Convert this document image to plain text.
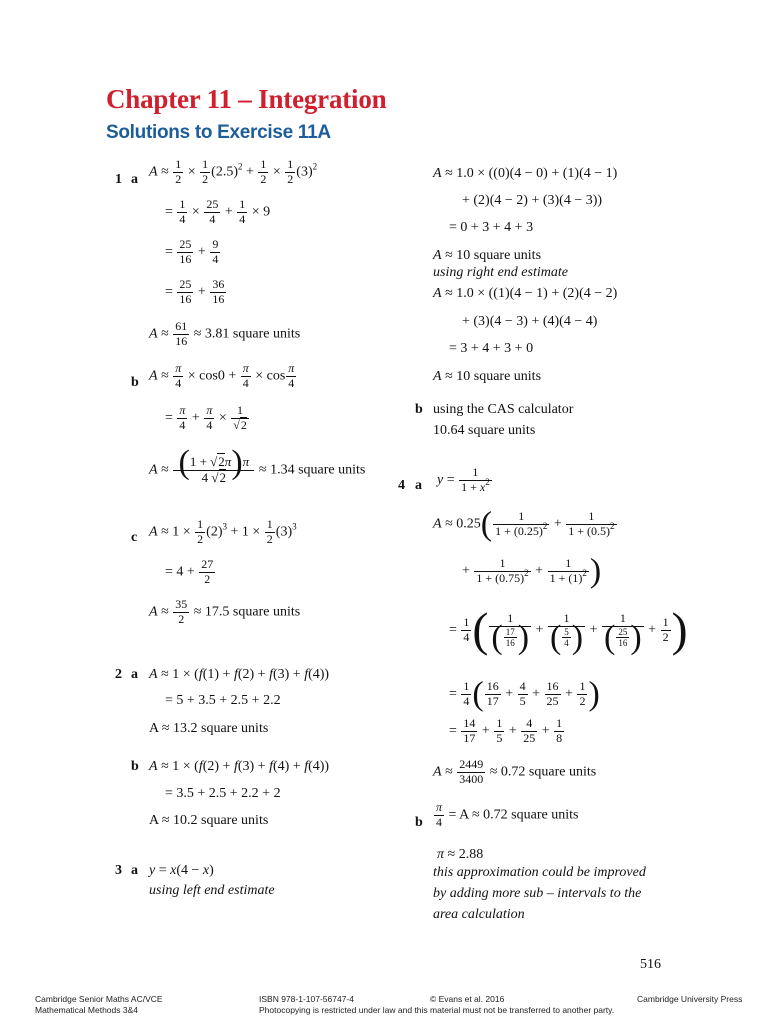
Chapter 11 – Integration
Solutions to Exercise 11A
1 a $A \approx \frac{1}{2} \times \frac{1}{2} (2.5)^2 + \frac{1}{2} \times \frac{1}{2} (3)^2$
= $\frac{1}{4} \times \frac{25}{4} + \frac{1}{4} \times 9$
= $\frac{25}{16} + \frac{9}{4}$
= $\frac{25}{16} + \frac{36}{16}$
$A \approx \frac{61}{16} \approx 3.81$ square units
b $A \approx \frac{\pi}{4} \times \cos 0 + \frac{\pi}{4} \times \cos \frac{\pi}{4}$
= $\frac{\pi}{4} + \frac{\pi}{4} \times \frac{1}{√2}$
$A \approx \frac{(1 + √2\pi)\pi}{4 √2} \approx 1.34$ square units
c $A \approx 1 \times \frac{1}{2} (2)^3 + 1 \times \frac{1}{2} (3)^3$
= $4 + \frac{27}{2}$
$A \approx \frac{35}{2} \approx 17.5$ square units
2 a A ≈ 1 × (f(1) + f(2) + f(3) + f(4))
= 5 + 3.5 + 2.5 + 2.2
A ≈ 13.2 square units
b A ≈ 1 × (f(2) + f(3) + f(4) + f(4))
= 3.5 + 2.5 + 2.2 + 2
A ≈ 10.2 square units
3 a y = x(4 − x)
using left end estimate
A ≈ 1.0 × ((0)(4 − 0) + (1)(4 − 1)
+ (2)(4 − 2) + (3)(4 − 3))
= 0 + 3 + 4 + 3
A ≈ 10 square units
using right end estimate
A ≈ 1.0 × ((1)(4 − 1) + (2)(4 − 2)
+ (3)(4 − 3) + (4)(4 − 4)
= 3 + 4 + 3 + 0
A ≈ 10 square units
b using the CAS calculator
10.64 square units
4 a $y = \frac{1}{1 + x^2}$
$A \approx 0.25( \frac{1}{1 + (0.25)^2} + \frac{1}{1 + (0.5)^2}$
+ $\frac{1}{1 + (0.75)^2} + \frac{1}{1 + (1)^2}$ )
= $\frac{1}{4}$ ( $\frac{1}{( \frac{17}{16} )} + \frac{1}{( \frac{5}{4} )} + \frac{1}{( \frac{25}{16} )} + \frac{1}{2}$ )
= $\frac{1}{4}$ ( $\frac{16}{17} + \frac{4}{5} + \frac{16}{25} + \frac{1}{2}$ )
= $\frac{14}{17} + \frac{1}{5} + \frac{4}{25} + \frac{1}{8}$
$A \approx \frac{2449}{3400} \approx 0.72$ square units
b $\frac{\pi}{4} = A \approx 0.72$ square units
π ≈ 2.88
this approximation could be improved
by adding more sub – intervals to the
area calculation
516
Cambridge Senior Maths AC/VCE
Mathematical Methods 3&4
ISBN 978-1-107-56747-4
Photocopying is restricted under law and this material must not be transferred to another party.
© Evans et al. 2016	Cambridge University Press
